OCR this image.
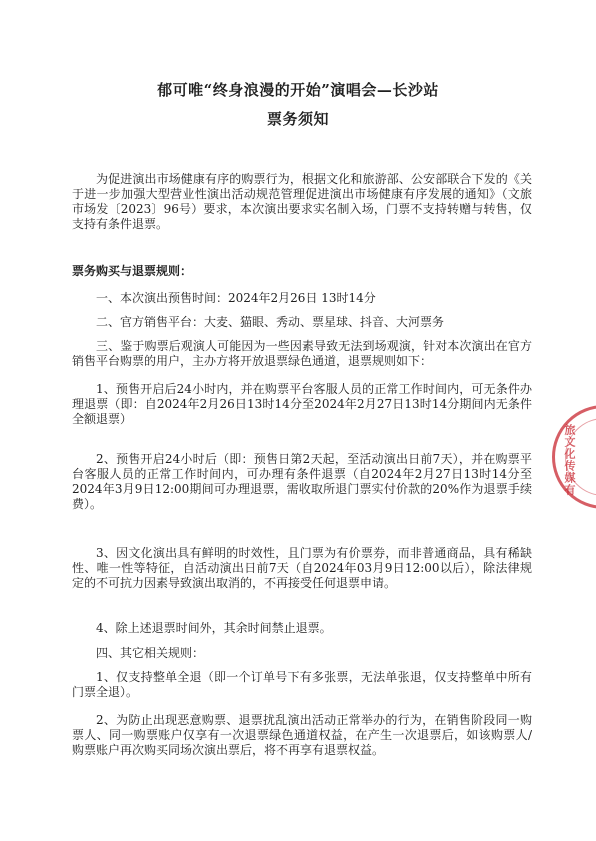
郁可唯“终身浪漫的开始”演唱会—长沙站
票务须知

为促进演出市场健康有序的购票行为，根据文化和旅游部、公安部联合下发的《关于进一步加强大型营业性演出活动规范管理促进演出市场健康有序发展的通知》（文旅市场发〔2023〕96号）要求，本次演出要求实名制入场，门票不支持转赠与转售，仅支持有条件退票。

票务购买与退票规则：

一、本次演出预售时间：2024年2月26日 13时14分

二、官方销售平台：大麦、猫眼、秀动、票星球、抖音、大河票务

三、鉴于购票后观演人可能因为一些因素导致无法到场观演，针对本次演出在官方销售平台购票的用户，主办方将开放退票绿色通道，退票规则如下：

1、预售开启后24小时内，并在购票平台客服人员的正常工作时间内，可无条件办理退票（即：自2024年2月26日13时14分至2024年2月27日13时14分期间内无条件全额退票）

2、预售开启24小时后（即：预售日第2天起，至活动演出日前7天），并在购票平台客服人员的正常工作时间内，可办理有条件退票（自2024年2月27日13时14分至2024年3月9日12:00期间可办理退票，需收取所退门票实付价款的20%作为退票手续费）。

3、因文化演出具有鲜明的时效性，且门票为有价票券，而非普通商品，具有稀缺性、唯一性等特征，自活动演出日前7天（自2024年03月9日12:00以后），除法律规定的不可抗力因素导致演出取消的，不再接受任何退票申请。

4、除上述退票时间外，其余时间禁止退票。

四、其它相关规则：

1、仅支持整单全退（即一个订单号下有多张票，无法单张退，仅支持整单中所有门票全退）。

2、为防止出现恶意购票、退票扰乱演出活动正常举办的行为，在销售阶段同一购票人、同一购票账户仅享有一次退票绿色通道权益，在产生一次退票后，如该购票人/购票账户再次购买同场次演出票后，将不再享有退票权益。

旅文化传媒有
